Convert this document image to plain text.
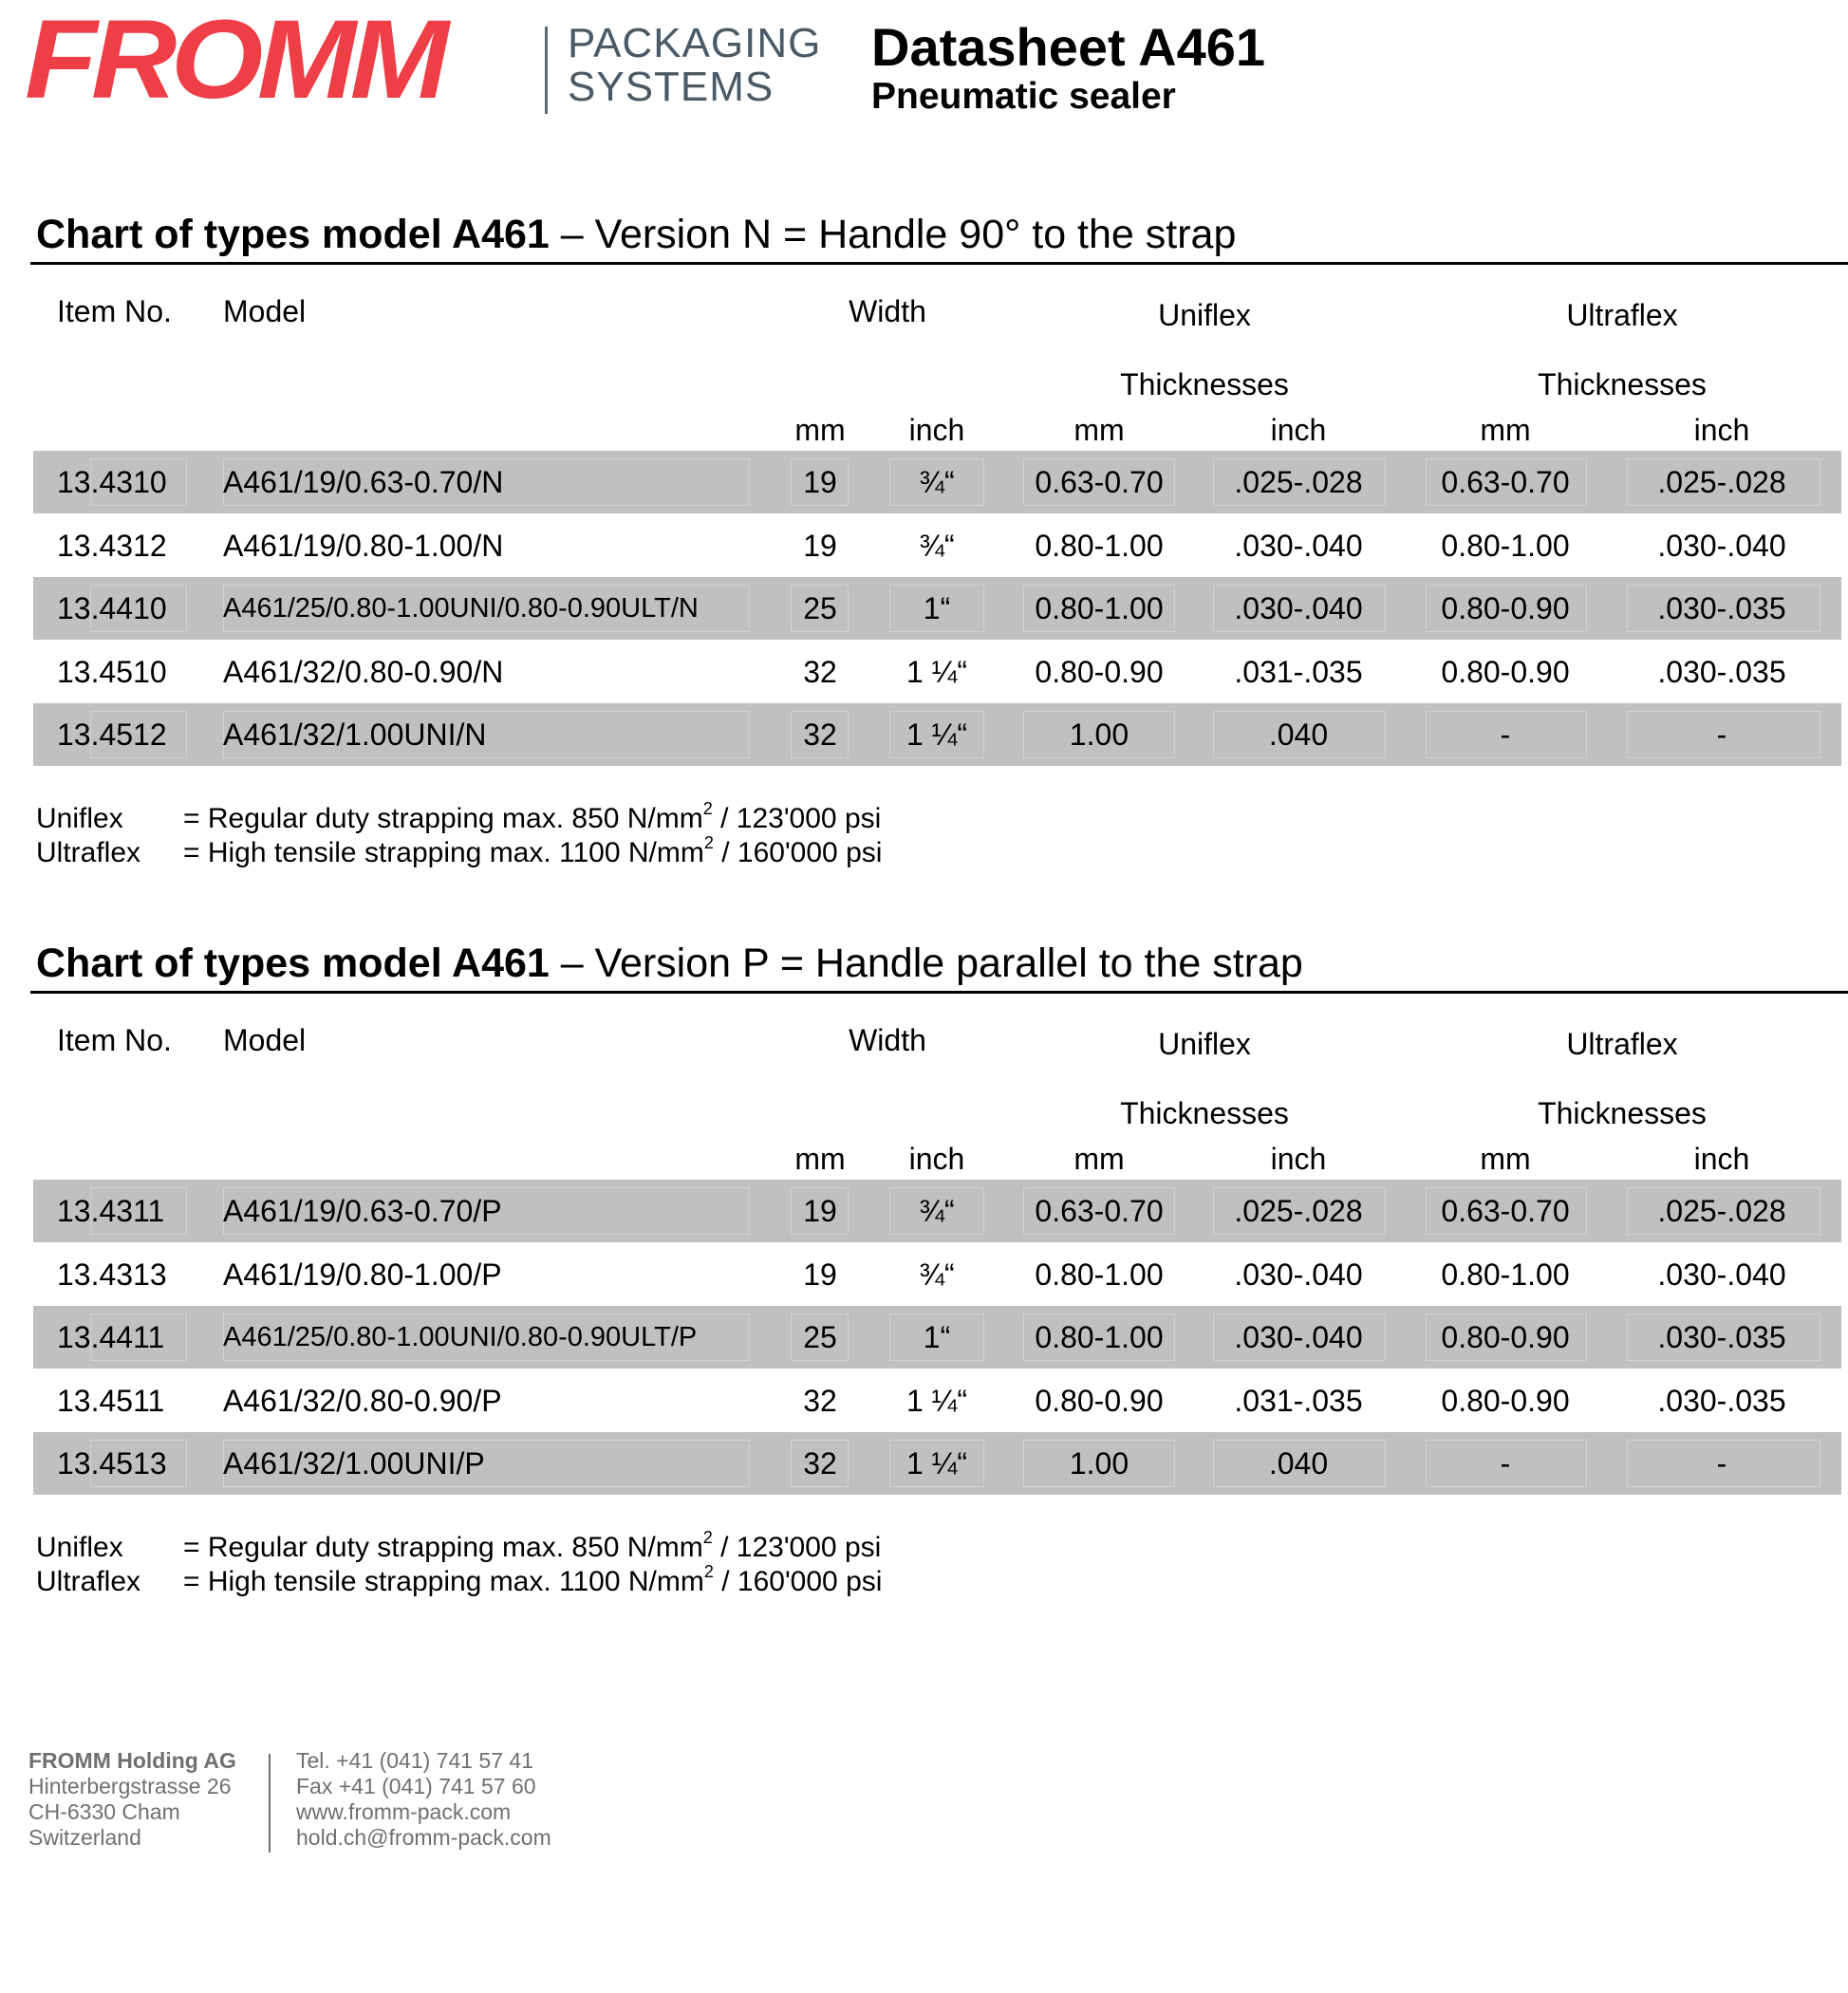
FROMM	PACKAGING
SYSTEMS
Datasheet A461
Pneumatic sealer
Chart of types model A461 – Version N = Handle 90° to the strap
Item No. Model	Width	Uniflex	Ultraflex
Thicknesses	Thicknesses
mm inch	mm	inch	mm	inch
13.4310 A461/19/0.63-0.70/N	19	¾“	0.63-0.70 .025-.028	0.63-0.70	.025-.028
13.4312 A461/19/0.80-1.00/N	19	¾“	0.80-1.00 .030-.040	0.80-1.00	.030-.040
13.4410 A461/25/0.80-1.00UNI/0.80-0.90ULT/N	25	1“	0.80-1.00 .030-.040	0.80-0.90	.030-.035
13.4510 A461/32/0.80-0.90/N	32 1 ¼“ 0.80-0.90 .031-.035	0.80-0.90	.030-.035
13.4512 A461/32/1.00UNI/N	32 1 ¼“	1.00	.040	-	-
Uniflex = Regular duty strapping max. 850 $N/mm^2 / 123'000$ psi
Ultraflex = High tensile strapping max. 1100 $N/mm^2 / 160'000$ psi
Chart of types model A461 – Version P = Handle parallel to the strap
Item No. Model	Width	Uniflex	Ultraflex
Thicknesses	Thicknesses
mm inch	mm	inch	mm	inch
13.4311 A461/19/0.63-0.70/P	19	¾“	0.63-0.70 .025-.028	0.63-0.70	.025-.028
13.4313 A461/19/0.80-1.00/P	19	¾“	0.80-1.00 .030-.040	0.80-1.00	.030-.040
13.4411 A461/25/0.80-1.00UNI/0.80-0.90ULT/P	25	1“	0.80-1.00 .030-.040	0.80-0.90	.030-.035
13.4511 A461/32/0.80-0.90/P	32 1 ¼“ 0.80-0.90 .031-.035	0.80-0.90	.030-.035
13.4513 A461/32/1.00UNI/P	32 1 ¼“	1.00	.040	-	-
Uniflex = Regular duty strapping max. 850 $N/mm^2 / 123'000$ psi
Ultraflex = High tensile strapping max. 1100 $N/mm^2 / 160'000$ psi
FROMM Holding AG
Hinterbergstrasse 26
CH-6330 Cham
Switzerland
Tel. +41 (041) 741 57 41
Fax +41 (041) 741 57 60
www.fromm-pack.com
hold.ch@fromm-pack.com
